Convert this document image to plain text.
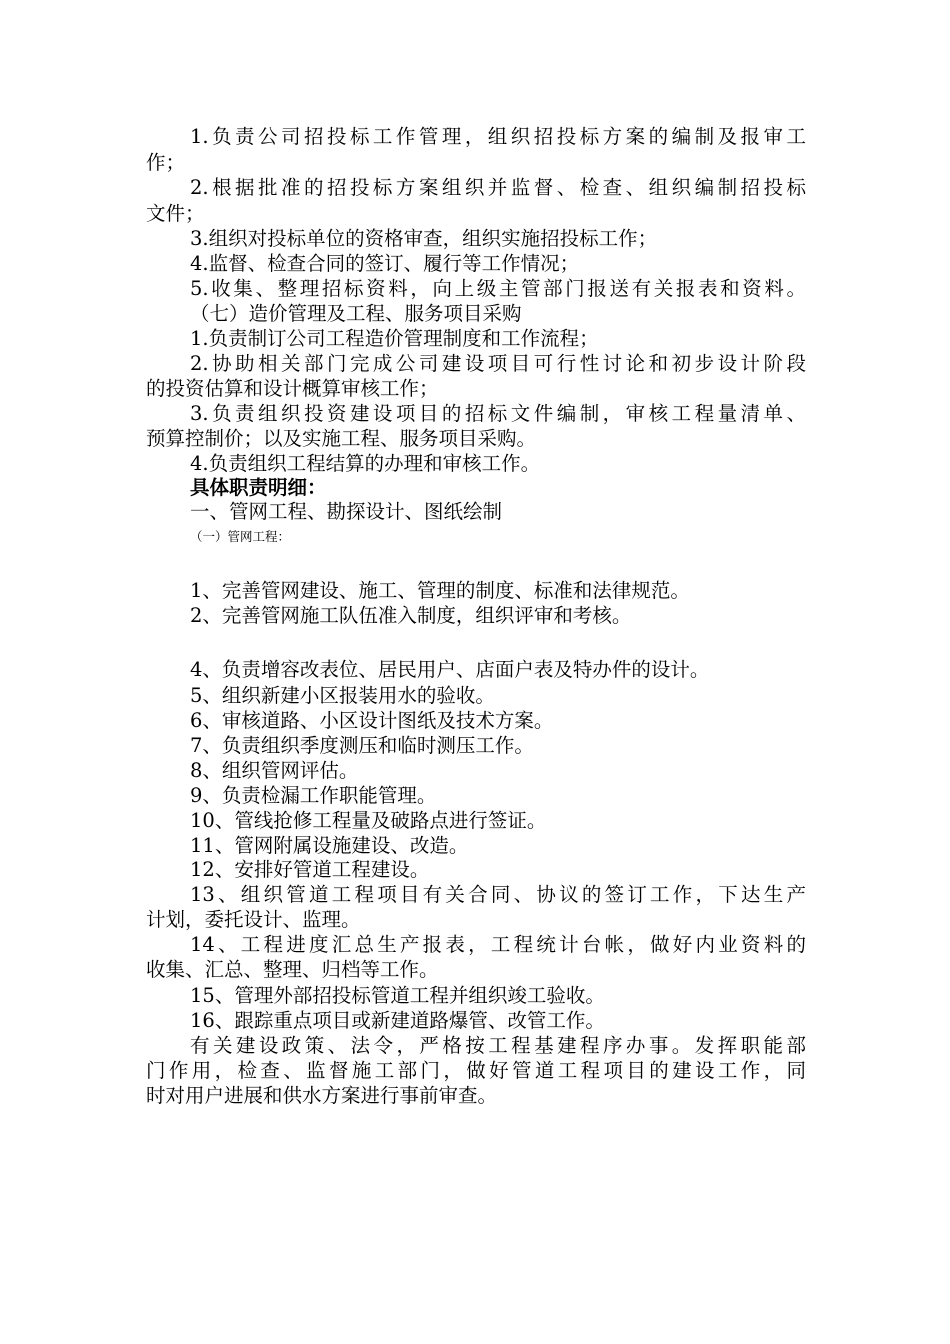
1.负责公司招投标工作管理，组织招投标方案的编制及报审工
作；
2.根据批准的招投标方案组织并监督、检查、组织编制招投标
文件；
3.组织对投标单位的资格审查，组织实施招投标工作；
4.监督、检查合同的签订、履行等工作情况；
5.收集、整理招标资料，向上级主管部门报送有关报表和资料。
（七）造价管理及工程、服务项目采购
1.负责制订公司工程造价管理制度和工作流程；
2.协助相关部门完成公司建设项目可行性讨论和初步设计阶段
的投资估算和设计概算审核工作；
3.负责组织投资建设项目的招标文件编制，审核工程量清单、
预算控制价；以及实施工程、服务项目采购。
4.负责组织工程结算的办理和审核工作。
具体职责明细：
一、管网工程、勘探设计、图纸绘制
（一）管网工程：
1、完善管网建设、施工、管理的制度、标准和法律规范。
2、完善管网施工队伍准入制度，组织评审和考核。
4、负责增容改表位、居民用户、店面户表及特办件的设计。
5、组织新建小区报装用水的验收。
6、审核道路、小区设计图纸及技术方案。
7、负责组织季度测压和临时测压工作。
8、组织管网评估。
9、负责检漏工作职能管理。
10、管线抢修工程量及破路点进行签证。
11、管网附属设施建设、改造。
12、安排好管道工程建设。
13、组织管道工程项目有关合同、协议的签订工作，下达生产
计划，委托设计、监理。
14、工程进度汇总生产报表，工程统计台帐，做好内业资料的
收集、汇总、整理、归档等工作。
15、管理外部招投标管道工程并组织竣工验收。
16、跟踪重点项目或新建道路爆管、改管工作。
有关建设政策、法令，严格按工程基建程序办事。发挥职能部
门作用，检查、监督施工部门，做好管道工程项目的建设工作，同
时对用户进展和供水方案进行事前审查。
